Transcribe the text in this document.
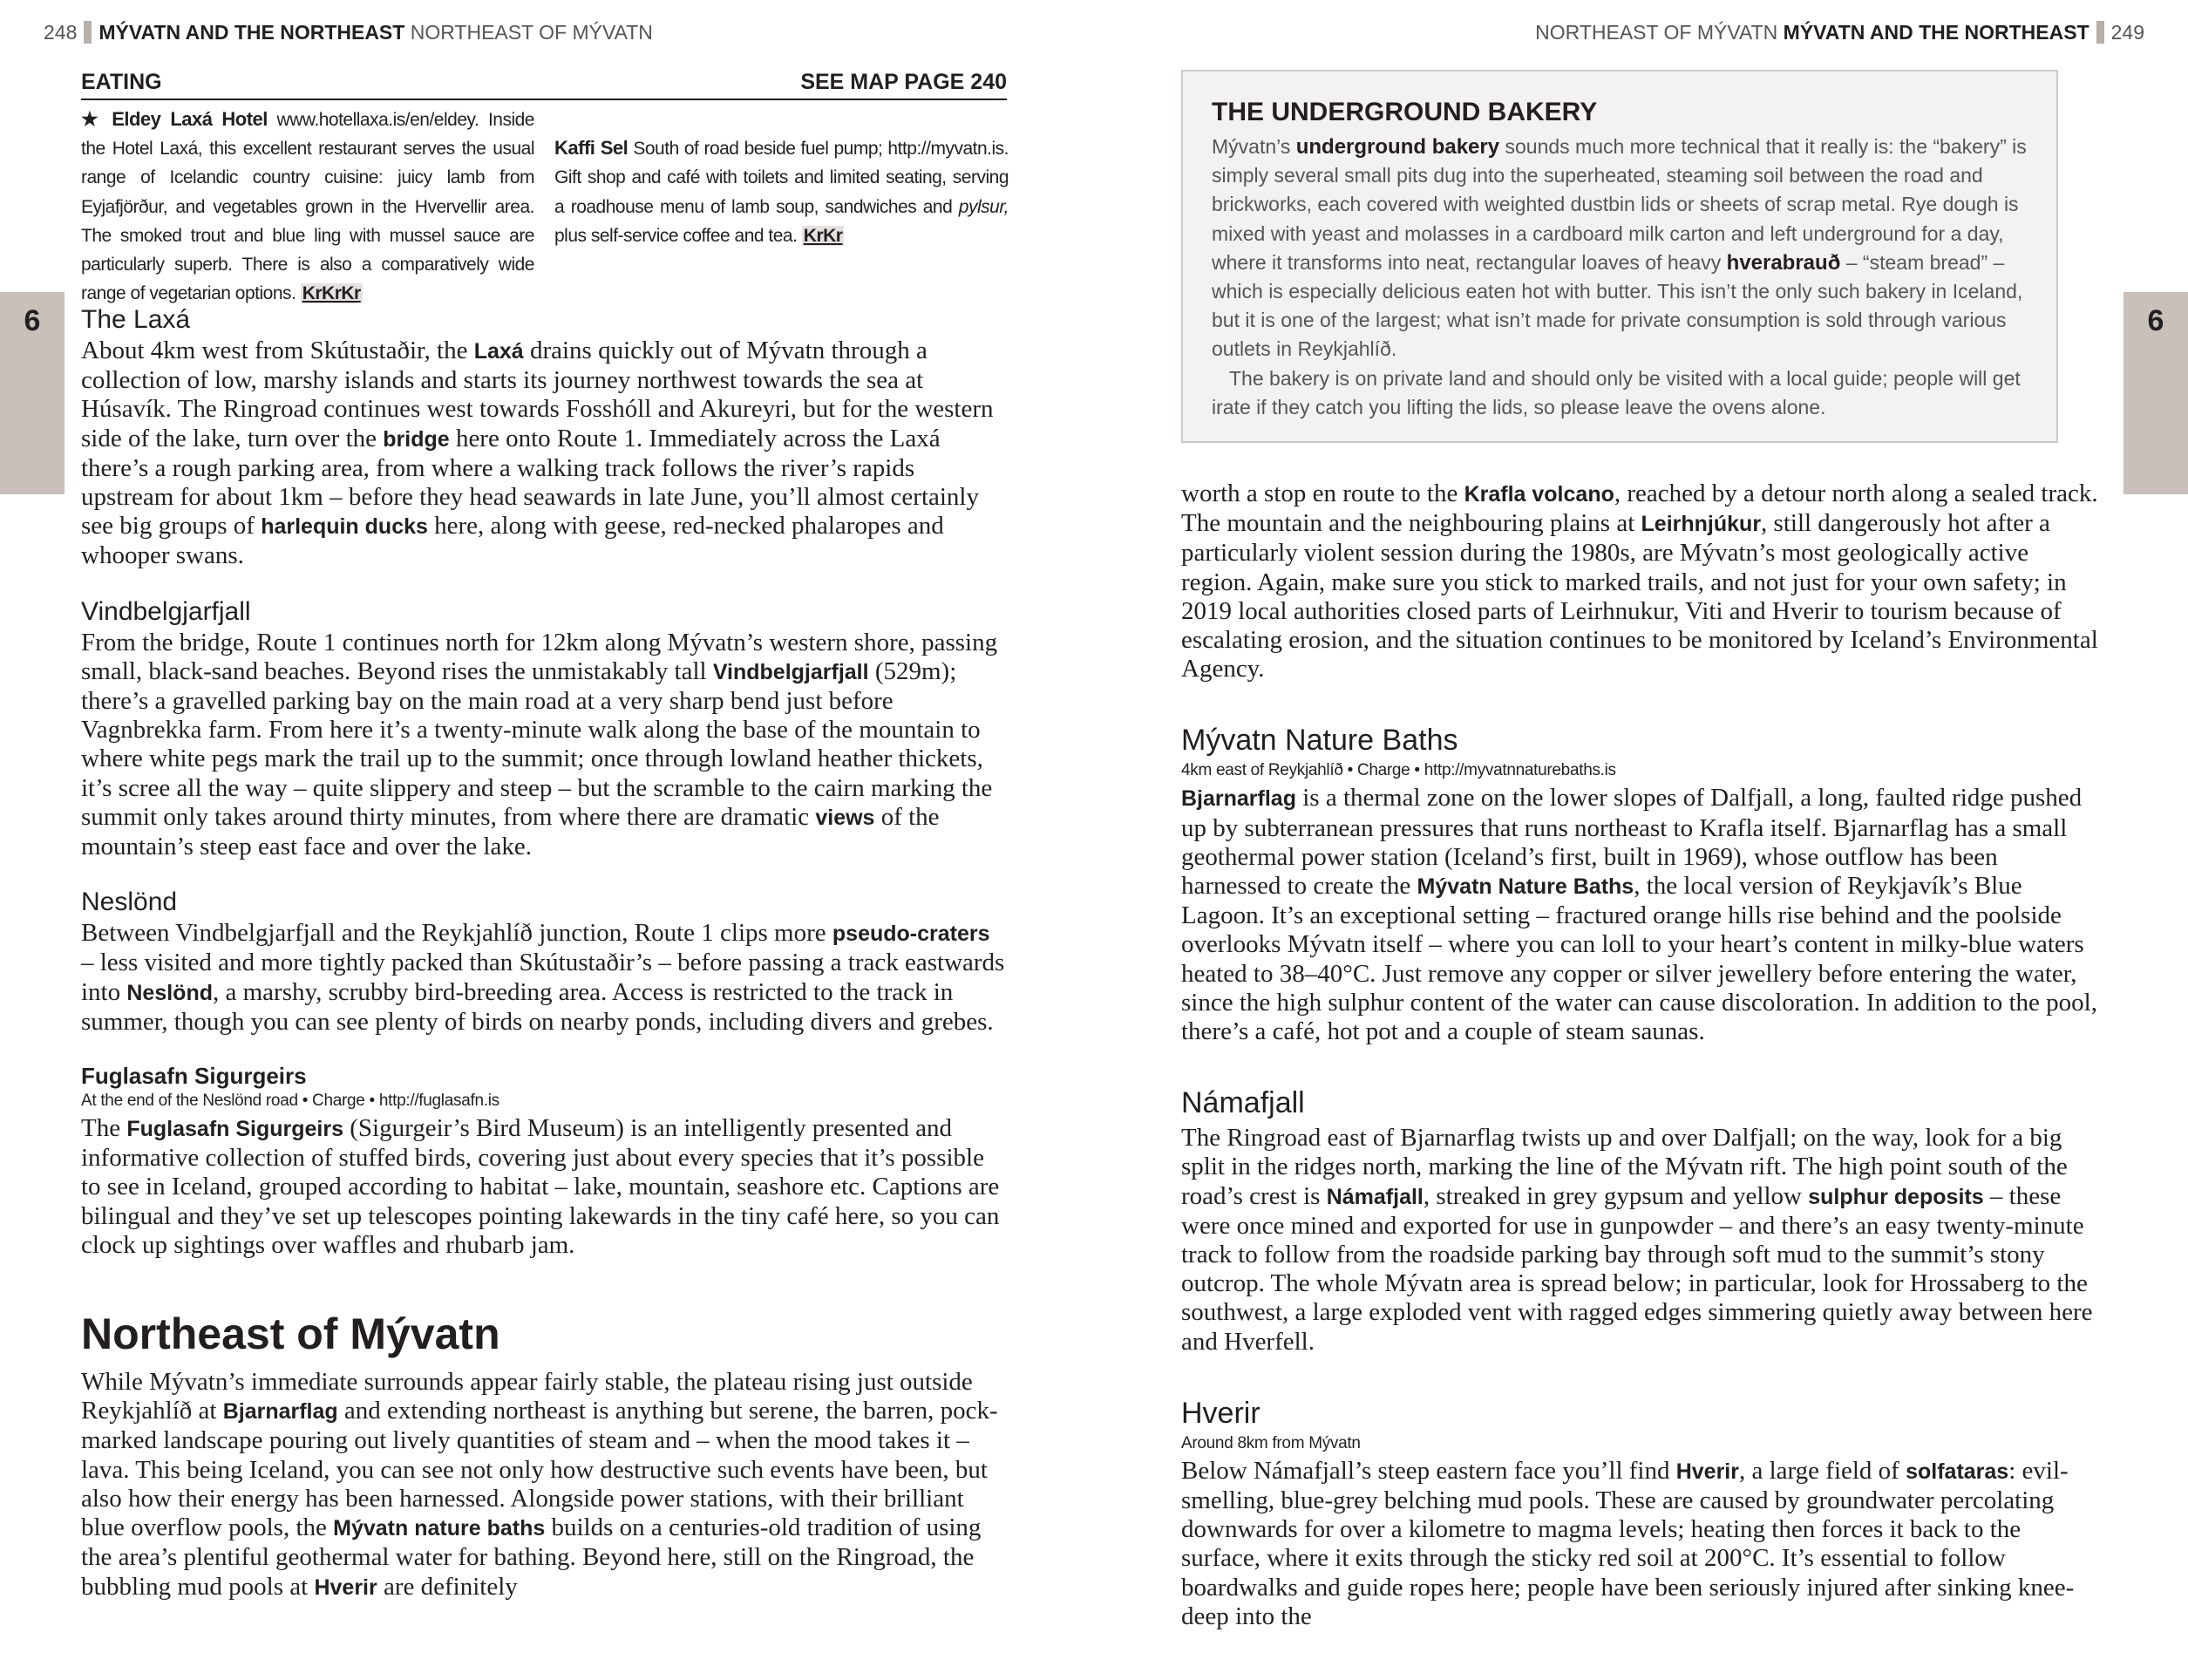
248 MÝVATN AND THE NORTHEAST NORTHEAST OF MÝVATN
6
EATING	SEE MAP PAGE 240
★ Eldey Laxá Hotel www.hotellaxa.is/en/eldey. Inside the Hotel Laxá, this excellent restaurant serves the usual range of Icelandic country cuisine: juicy lamb from Eyjafjörður, and vegetables grown in the Hvervellir area. The smoked trout and blue ling with mussel sauce are particularly superb. There is also a comparatively wide range of vegetarian options. KrKrKr
Kaffi Sel South of road beside fuel pump; http://myvatn.is. Gift shop and café with toilets and limited seating, serving a roadhouse menu of lamb soup, sandwiches and pylsur, plus self-service coffee and tea. KrKr
The Laxá

About 4km west from Skútustaðir, the Laxá drains quickly out of Mývatn through a collection of low, marshy islands and starts its journey northwest towards the sea at Húsavík. The Ringroad continues west towards Fosshóll and Akureyri, but for the western side of the lake, turn over the bridge here onto Route 1. Immediately across the Laxá there’s a rough parking area, from where a walking track follows the river’s rapids upstream for about 1km – before they head seawards in late June, you’ll almost certainly see big groups of harlequin ducks here, along with geese, red-necked phalaropes and whooper swans.

Vindbelgjarfjall

From the bridge, Route 1 continues north for 12km along Mývatn’s western shore, passing small, black-sand beaches. Beyond rises the unmistakably tall Vindbelgjarfjall (529m); there’s a gravelled parking bay on the main road at a very sharp bend just before Vagnbrekka farm. From here it’s a twenty-minute walk along the base of the mountain to where white pegs mark the trail up to the summit; once through lowland heather thickets, it’s scree all the way – quite slippery and steep – but the scramble to the cairn marking the summit only takes around thirty minutes, from where there are dramatic views of the mountain’s steep east face and over the lake.

Neslönd

Between Vindbelgjarfjall and the Reykjahlíð junction, Route 1 clips more pseudo-craters – less visited and more tightly packed than Skútustaðir’s – before passing a track eastwards into Neslönd, a marshy, scrubby bird-breeding area. Access is restricted to the track in summer, though you can see plenty of birds on nearby ponds, including divers and grebes.

Fuglasafn Sigurgeirs

At the end of the Neslönd road • Charge • http://fuglasafn.is

The Fuglasafn Sigurgeirs (Sigurgeir’s Bird Museum) is an intelligently presented and informative collection of stuffed birds, covering just about every species that it’s possible to see in Iceland, grouped according to habitat – lake, mountain, seashore etc. Captions are bilingual and they’ve set up telescopes pointing lakewards in the tiny café here, so you can clock up sightings over waffles and rhubarb jam.

Northeast of Mývatn

While Mývatn’s immediate surrounds appear fairly stable, the plateau rising just outside Reykjahlíð at Bjarnarflag and extending northeast is anything but serene, the barren, pock-marked landscape pouring out lively quantities of steam and – when the mood takes it – lava. This being Iceland, you can see not only how destructive such events have been, but also how their energy has been harnessed. Alongside power stations, with their brilliant blue overflow pools, the Mývatn nature baths builds on a centuries-old tradition of using the area’s plentiful geothermal water for bathing. Beyond here, still on the Ringroad, the bubbling mud pools at Hverir are definitely

NORTHEAST OF MÝVATN MÝVATN AND THE NORTHEAST 249
6
THE UNDERGROUND BAKERY

Mývatn’s underground bakery sounds much more technical that it really is: the “bakery” is simply several small pits dug into the superheated, steaming soil between the road and brickworks, each covered with weighted dustbin lids or sheets of scrap metal. Rye dough is mixed with yeast and molasses in a cardboard milk carton and left underground for a day, where it transforms into neat, rectangular loaves of heavy hverabrauð – “steam bread” – which is especially delicious eaten hot with butter. This isn’t the only such bakery in Iceland, but it is one of the largest; what isn’t made for private consumption is sold through various outlets in Reykjahlíð.

The bakery is on private land and should only be visited with a local guide; people will get irate if they catch you lifting the lids, so please leave the ovens alone.

worth a stop en route to the Krafla volcano, reached by a detour north along a sealed track. The mountain and the neighbouring plains at Leirhnjúkur, still dangerously hot after a particularly violent session during the 1980s, are Mývatn’s most geologically active region. Again, make sure you stick to marked trails, and not just for your own safety; in 2019 local authorities closed parts of Leirhnukur, Viti and Hverir to tourism because of escalating erosion, and the situation continues to be monitored by Iceland’s Environmental Agency.

Mývatn Nature Baths

4km east of Reykjahlíð • Charge • http://myvatnnaturebaths.is

Bjarnarflag is a thermal zone on the lower slopes of Dalfjall, a long, faulted ridge pushed up by subterranean pressures that runs northeast to Krafla itself. Bjarnarflag has a small geothermal power station (Iceland’s first, built in 1969), whose outflow has been harnessed to create the Mývatn Nature Baths, the local version of Reykjavík’s Blue Lagoon. It’s an exceptional setting – fractured orange hills rise behind and the poolside overlooks Mývatn itself – where you can loll to your heart’s content in milky-blue waters heated to 38–40°C. Just remove any copper or silver jewellery before entering the water, since the high sulphur content of the water can cause discoloration. In addition to the pool, there’s a café, hot pot and a couple of steam saunas.

Námafjall

The Ringroad east of Bjarnarflag twists up and over Dalfjall; on the way, look for a big split in the ridges north, marking the line of the Mývatn rift. The high point south of the road’s crest is Námafjall, streaked in grey gypsum and yellow sulphur deposits – these were once mined and exported for use in gunpowder – and there’s an easy twenty-minute track to follow from the roadside parking bay through soft mud to the summit’s stony outcrop. The whole Mývatn area is spread below; in particular, look for Hrossaberg to the southwest, a large exploded vent with ragged edges simmering quietly away between here and Hverfell.

Hverir

Around 8km from Mývatn

Below Námafjall’s steep eastern face you’ll find Hverir, a large field of solfataras: evil-smelling, blue-grey belching mud pools. These are caused by groundwater percolating downwards for over a kilometre to magma levels; heating then forces it back to the surface, where it exits through the sticky red soil at 200°C. It’s essential to follow boardwalks and guide ropes here; people have been seriously injured after sinking knee-deep into the
